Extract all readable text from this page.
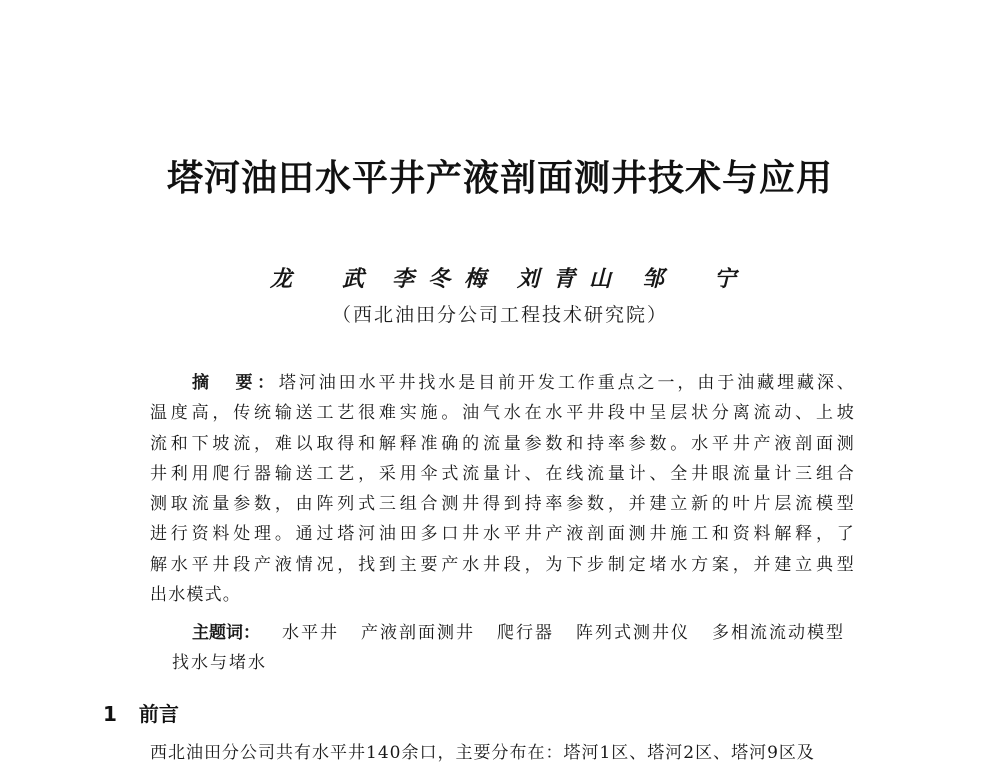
塔河油田水平井产液剖面测井技术与应用
龙　武 李冬梅 刘青山 邹　宁
（西北油田分公司工程技术研究院）
摘　要：塔河油田水平井找水是目前开发工作重点之一，由于油藏埋藏深、
温度高，传统输送工艺很难实施。油气水在水平井段中呈层状分离流动、上坡
流和下坡流，难以取得和解释准确的流量参数和持率参数。水平井产液剖面测
井利用爬行器输送工艺，采用伞式流量计、在线流量计、全井眼流量计三组合
测取流量参数，由阵列式三组合测井得到持率参数，并建立新的叶片层流模型
进行资料处理。通过塔河油田多口井水平井产液剖面测井施工和资料解释，了
解水平井段产液情况，找到主要产水井段，为下步制定堵水方案，并建立典型
出水模式。
主题词： 水平井 产液剖面测井 爬行器 阵列式测井仪 多相流流动模型
找水与堵水
1 前言
西北油田分公司共有水平井140余口，主要分布在：塔河1区、塔河2区、塔河9区及
